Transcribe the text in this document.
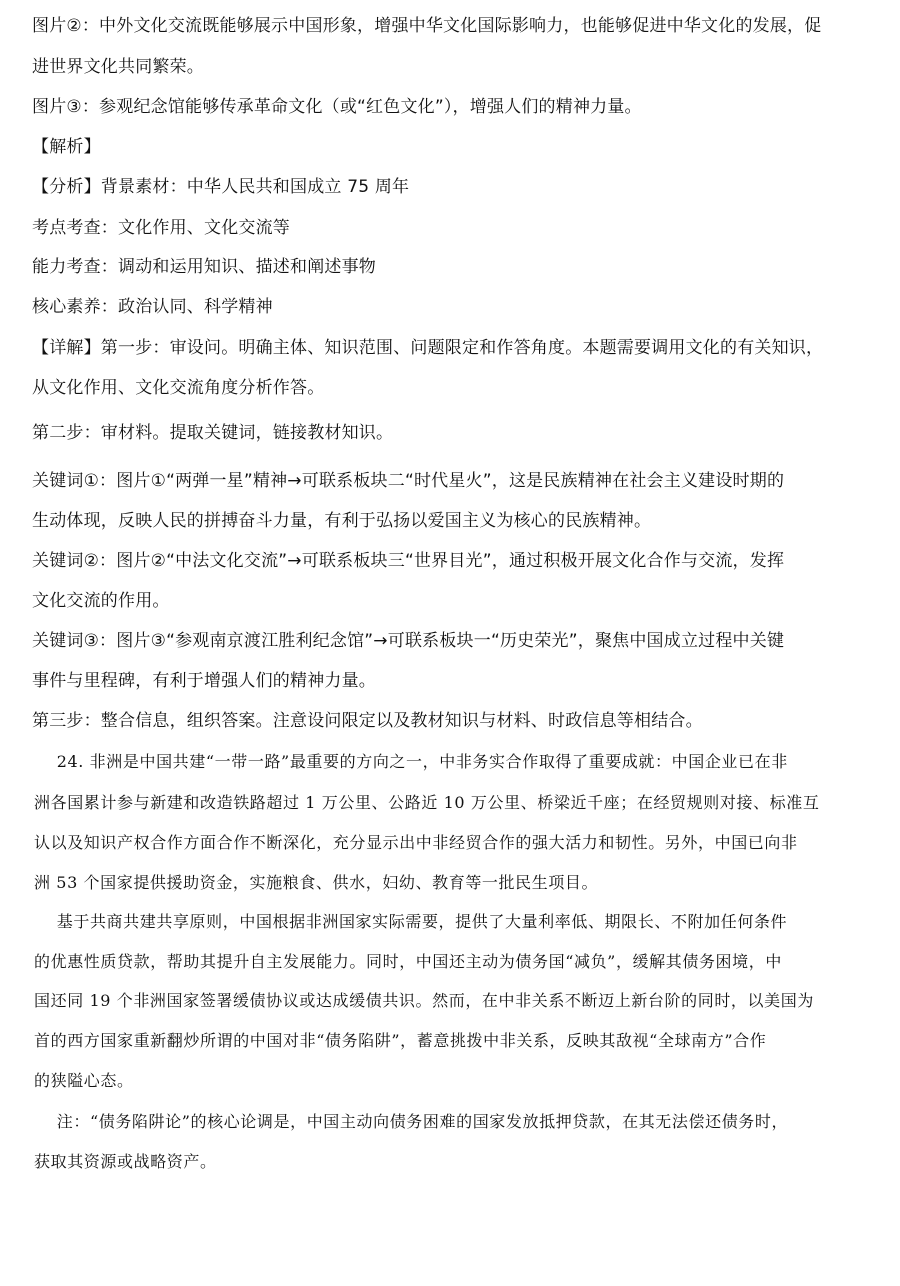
图片②：中外文化交流既能够展示中国形象，增强中华文化国际影响力，也能够促进中华文化的发展，促
进世界文化共同繁荣。
图片③：参观纪念馆能够传承革命文化（或“红色文化”），增强人们的精神力量。
【解析】
【分析】背景素材：中华人民共和国成立 75 周年
考点考查：文化作用、文化交流等
能力考查：调动和运用知识、描述和阐述事物
核心素养：政治认同、科学精神
【详解】第一步：审设问。明确主体、知识范围、问题限定和作答角度。本题需要调用文化的有关知识，
从文化作用、文化交流角度分析作答。
第二步：审材料。提取关键词，链接教材知识。
关键词①：图片①“两弹一星”精神→可联系板块二“时代星火”，这是民族精神在社会主义建设时期的
生动体现，反映人民的拼搏奋斗力量，有利于弘扬以爱国主义为核心的民族精神。
关键词②：图片②“中法文化交流”→可联系板块三“世界目光”，通过积极开展文化合作与交流，发挥
文化交流的作用。
关键词③：图片③“参观南京渡江胜利纪念馆”→可联系板块一“历史荣光”，聚焦中国成立过程中关键
事件与里程碑，有利于增强人们的精神力量。
第三步：整合信息，组织答案。注意设问限定以及教材知识与材料、时政信息等相结合。
24. 非洲是中国共建“一带一路”最重要的方向之一，中非务实合作取得了重要成就：中国企业已在非
洲各国累计参与新建和改造铁路超过 1 万公里、公路近 10 万公里、桥梁近千座；在经贸规则对接、标准互
认以及知识产权合作方面合作不断深化，充分显示出中非经贸合作的强大活力和韧性。另外，中国已向非
洲 53 个国家提供援助资金，实施粮食、供水，妇幼、教育等一批民生项目。
基于共商共建共享原则，中国根据非洲国家实际需要，提供了大量利率低、期限长、不附加任何条件
的优惠性质贷款，帮助其提升自主发展能力。同时，中国还主动为债务国“减负”，缓解其债务困境，中
国还同 19 个非洲国家签署缓债协议或达成缓债共识。然而，在中非关系不断迈上新台阶的同时，以美国为
首的西方国家重新翻炒所谓的中国对非“债务陷阱”，蓄意挑拨中非关系，反映其敌视“全球南方”合作
的狭隘心态。
注：“债务陷阱论”的核心论调是，中国主动向债务困难的国家发放抵押贷款，在其无法偿还债务时，
获取其资源或战略资产。
